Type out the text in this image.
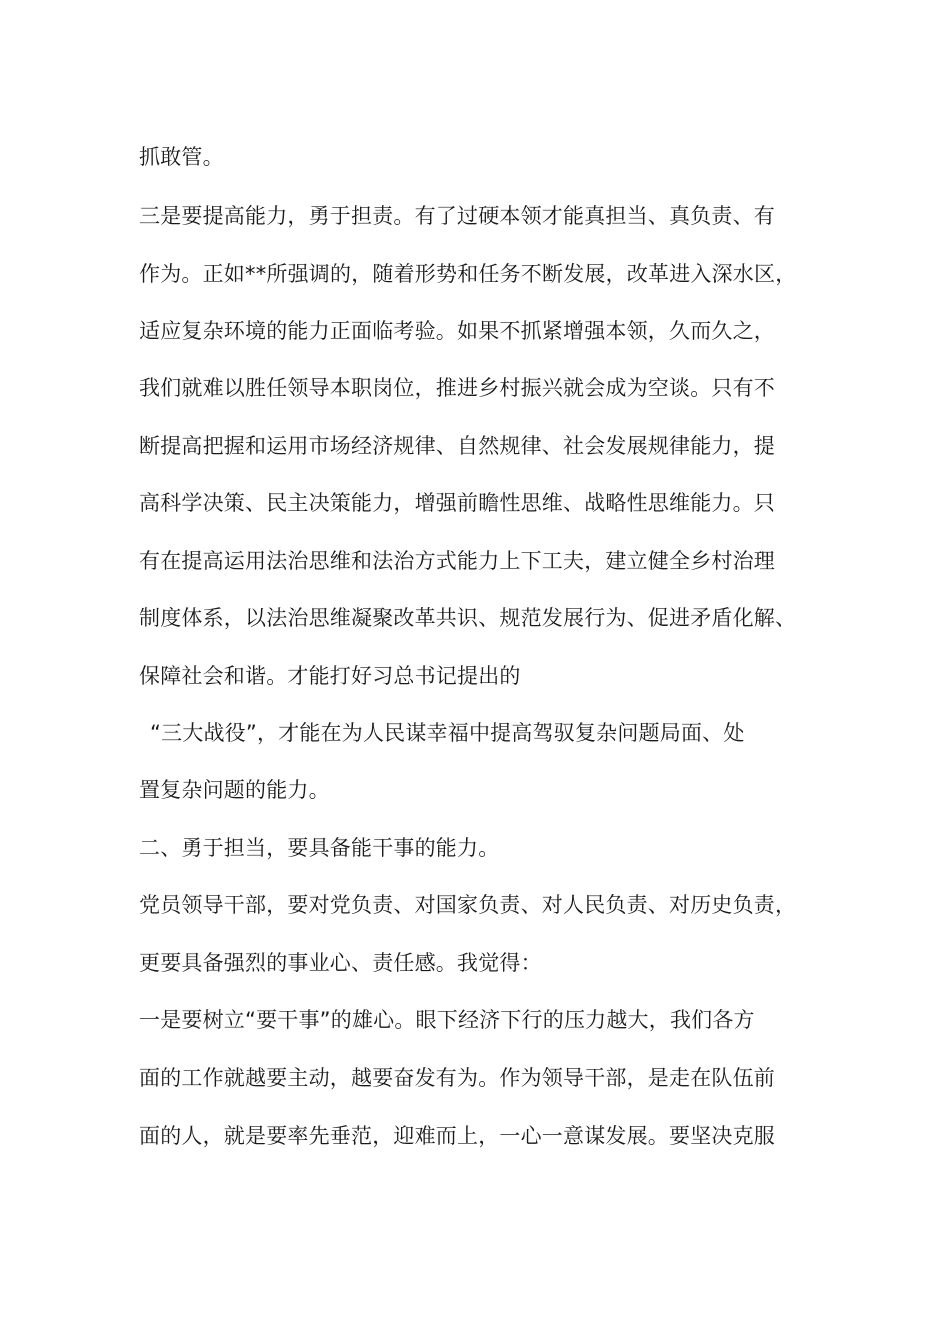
抓敢管。
三是要提高能力，勇于担责。有了过硬本领才能真担当、真负责、有
作为。正如**所强调的，随着形势和任务不断发展，改革进入深水区，
适应复杂环境的能力正面临考验。如果不抓紧增强本领，久而久之，
我们就难以胜任领导本职岗位，推进乡村振兴就会成为空谈。只有不
断提高把握和运用市场经济规律、自然规律、社会发展规律能力，提
高科学决策、民主决策能力，增强前瞻性思维、战略性思维能力。只
有在提高运用法治思维和法治方式能力上下工夫，建立健全乡村治理
制度体系，以法治思维凝聚改革共识、规范发展行为、促进矛盾化解、
保障社会和谐。才能打好习总书记提出的
“三大战役”，才能在为人民谋幸福中提高驾驭复杂问题局面、处
置复杂问题的能力。
二、勇于担当，要具备能干事的能力。
党员领导干部，要对党负责、对国家负责、对人民负责、对历史负责，
更要具备强烈的事业心、责任感。我觉得：
一是要树立“要干事”的雄心。眼下经济下行的压力越大，我们各方
面的工作就越要主动，越要奋发有为。作为领导干部，是走在队伍前
面的人，就是要率先垂范，迎难而上，一心一意谋发展。要坚决克服
